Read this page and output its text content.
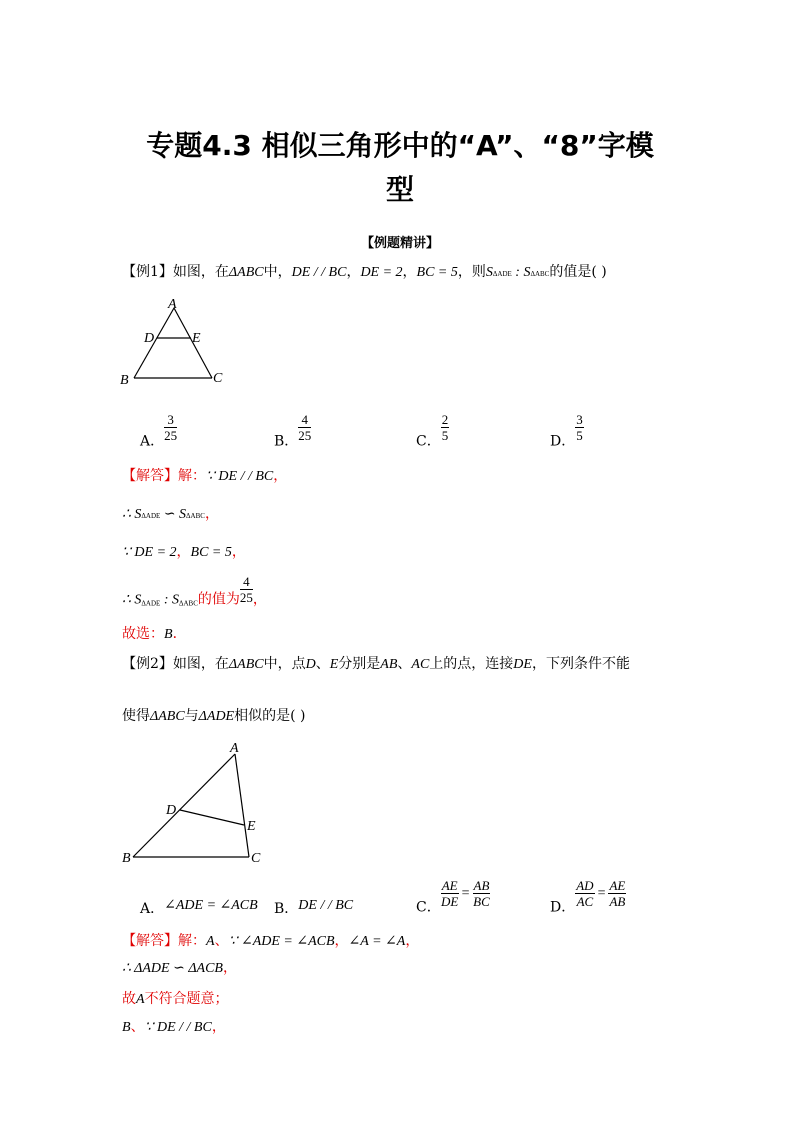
专题4.3 相似三角形中的“A”、“8”字模
型
【例题精讲】
【例1】如图，在ΔABC中，DE / / BC，DE = 2，BC = 5，则SΔADE : SΔABC的值是( )
A
D	E
B	C
A． $\frac{3}{25}$	B． $\frac{4}{25}$	C． $\frac{2}{5}$	D． $\frac{3}{5}$
【解答】解：∵ DE / / BC，
∴ SΔADE ∽ SΔABC，
∵ DE = 2，BC = 5，
∴ $S_{\Delta ADE}$ : $S_{\Delta ABC}$的值为 $\frac{4}{25}$ ，
故选：B．
【例2】如图，在ΔABC中，点D、E分别是AB、AC上的点，连接DE，下列条件不能
使得ΔABC与ΔADE相似的是( )
A
D
E
B	C
A．∠ADE = ∠ACB B．DE / / BC	C． $\frac{AE}{DE} = \frac{AB}{BC}$	D． $\frac{AD}{AC} = \frac{AE}{AB}$
【解答】解：A、∵ ∠ADE = ∠ACB，∠A = ∠A，
∴ ΔADE ∽ ΔACB，
故A不符合题意；
B、∵ DE / / BC，
